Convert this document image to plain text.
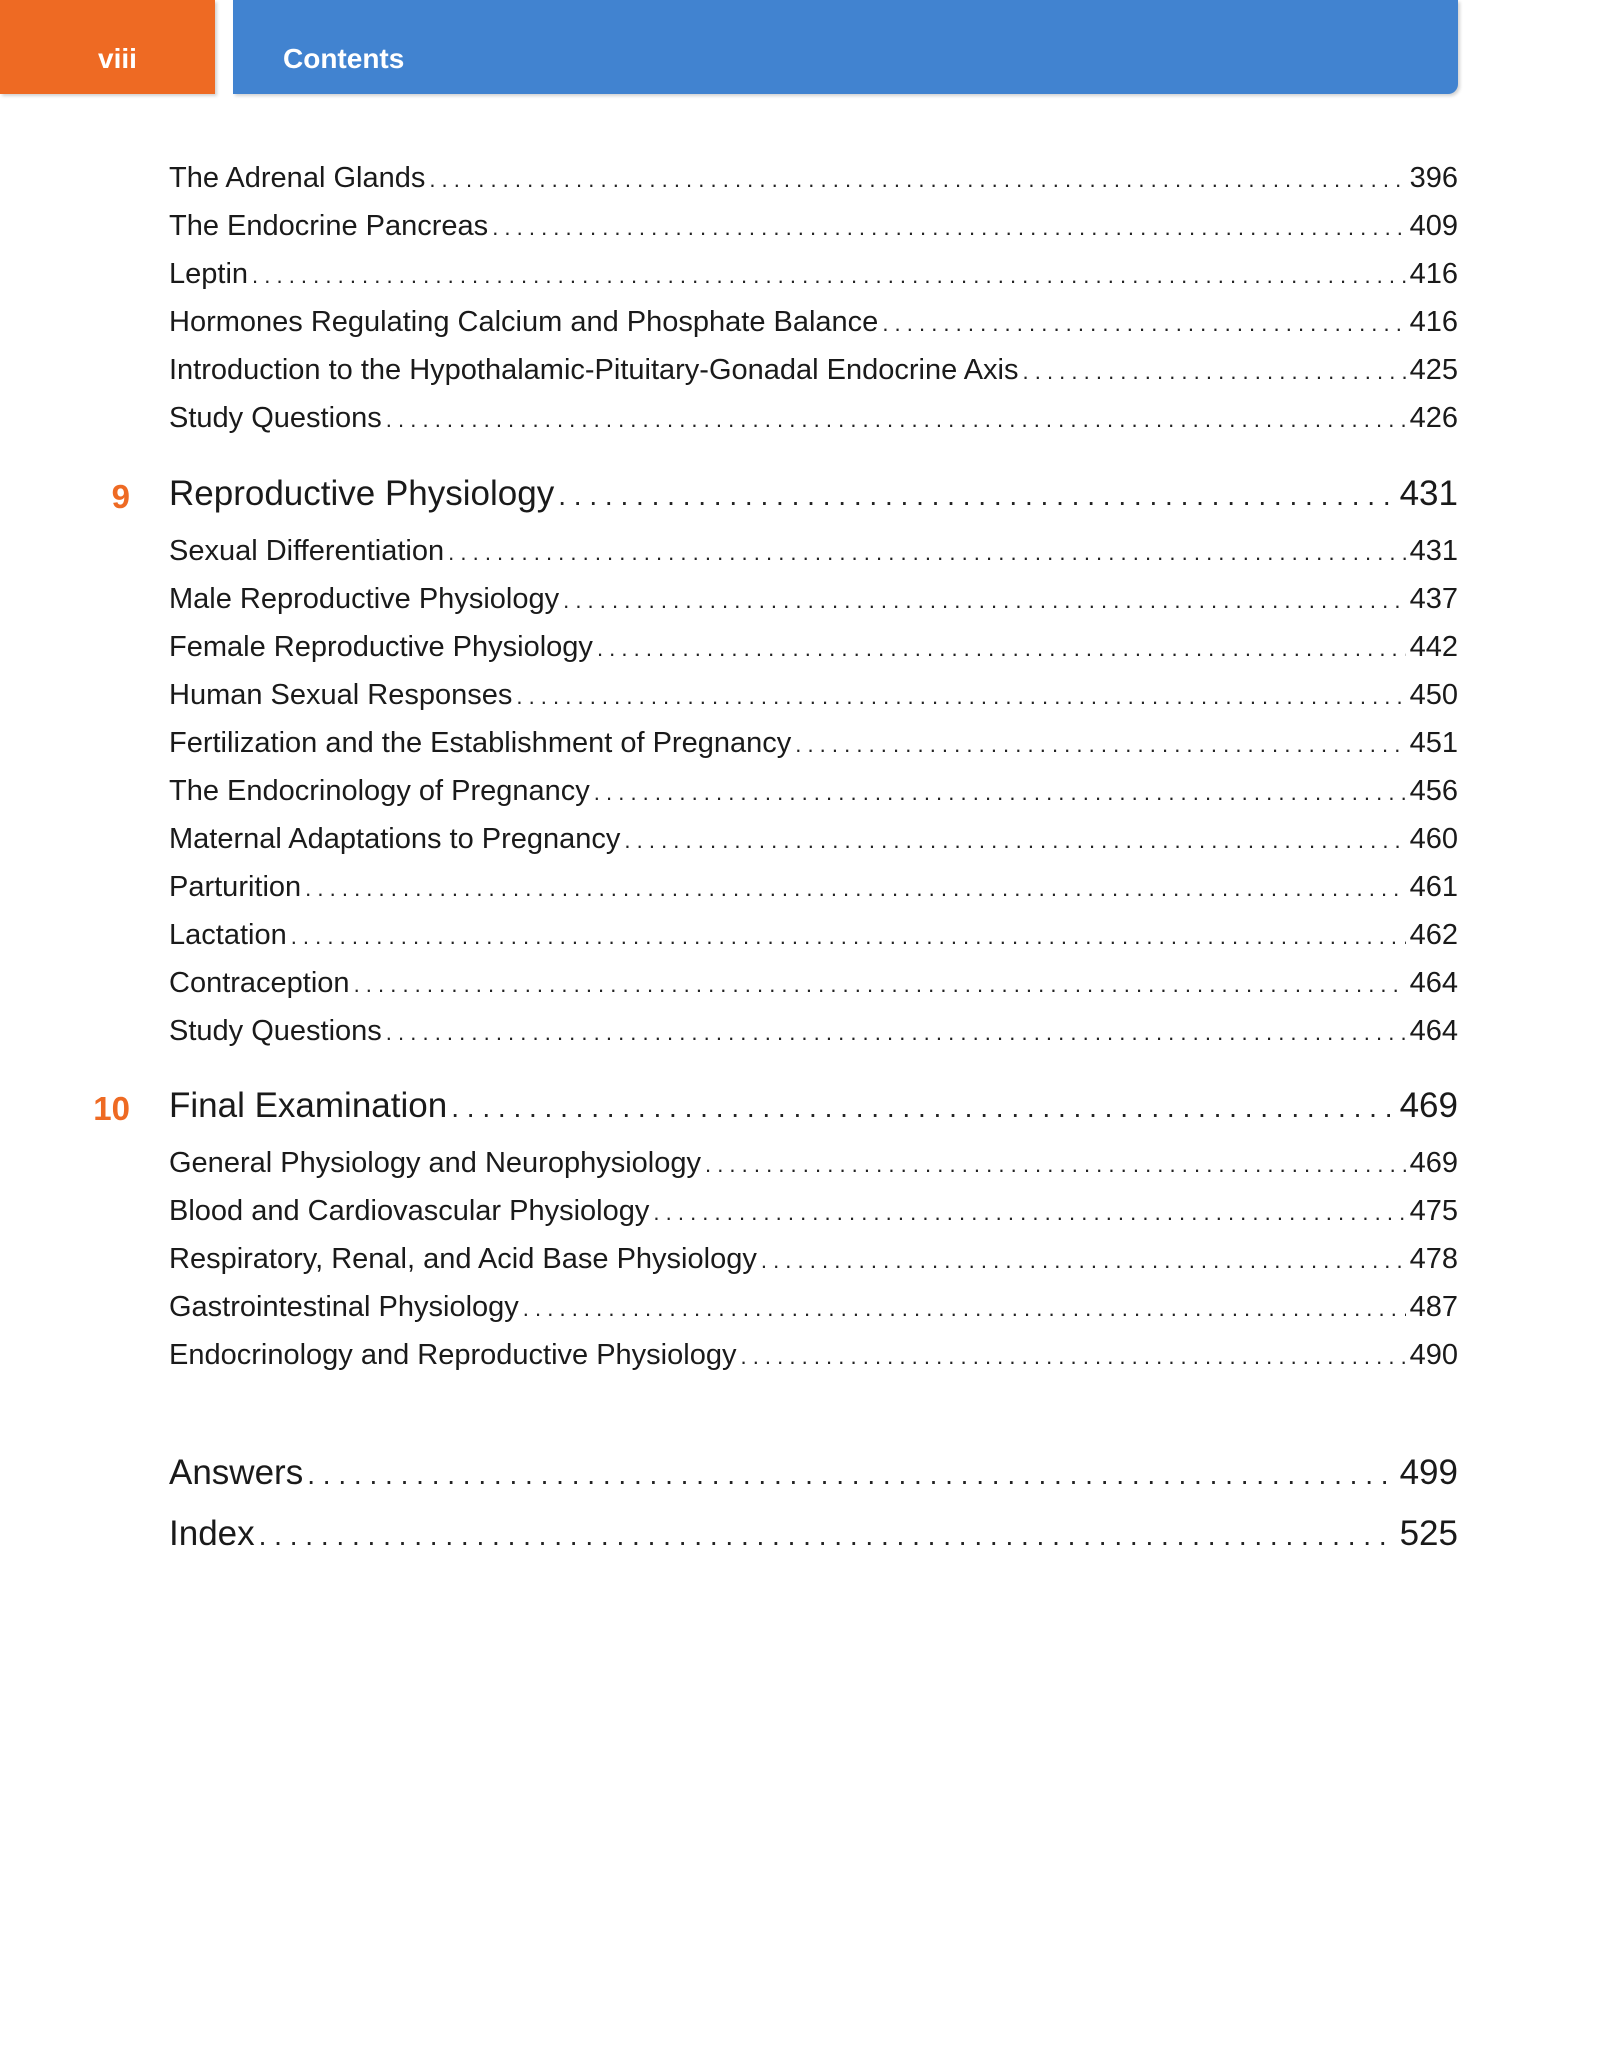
viii	Contents
The Adrenal Glands . . .	396
The Endocrine Pancreas . . .	409
Leptin . . .	416
Hormones Regulating Calcium and Phosphate Balance . . .	416
Introduction to the Hypothalamic-Pituitary-Gonadal Endocrine Axis . . .	425
Study Questions . . .	426
9 Reproductive Physiology . . .	431
Sexual Differentiation . . .	431
Male Reproductive Physiology . . .	437
Female Reproductive Physiology . . .	442
Human Sexual Responses . . .	450
Fertilization and the Establishment of Pregnancy . . .	451
The Endocrinology of Pregnancy . . .	456
Maternal Adaptations to Pregnancy . . .	460
Parturition . . .	461
Lactation . . .	462
Contraception . . .	464
Study Questions . . .	464
10 Final Examination . . .	469
General Physiology and Neurophysiology . . .	469
Blood and Cardiovascular Physiology . . .	475
Respiratory, Renal, and Acid Base Physiology . . .	478
Gastrointestinal Physiology . . .	487
Endocrinology and Reproductive Physiology . . .	490
Answers . . .	499
Index . . .	525
